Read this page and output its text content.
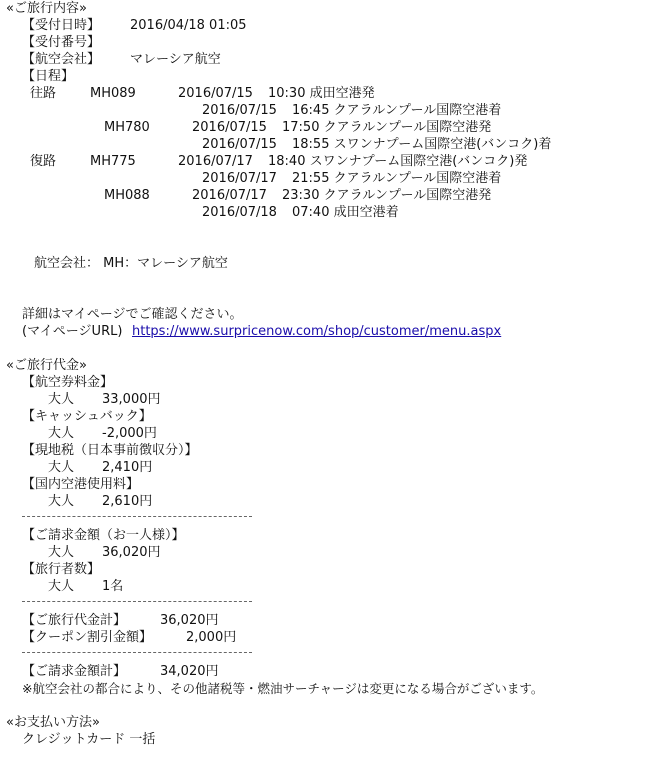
«ご旅行内容»
【受付日時】 2016/04/18 01:05
【受付番号】
【航空会社】 マレーシア航空
【日程】
往路	MH089	2016/07/15 10:30 成田空港発
2016/07/15 16:45 クアラルンプール国際空港着
MH780	2016/07/15 17:50 クアラルンプール国際空港発
2016/07/15 18:55 スワンナプーム国際空港(バンコク)着
復路	MH775	2016/07/17 18:40 スワンナプーム国際空港(バンコク)発
2016/07/17 21:55 クアラルンプール国際空港着
MH088	2016/07/17 23:30 クアラルンプール国際空港発
2016/07/18 07:40 成田空港着
航空会社： MH：マレーシア航空
詳細はマイページでご確認ください。
(マイページURL) https://www.surpricenow.com/shop/customer/menu.aspx
«ご旅行代金»
【航空券料金】
大人 33,000円
【キャッシュバック】
大人 -2,000円
【現地税（日本事前徴収分）】
大人 2,410円
【国内空港使用料】
大人 2,610円
【ご請求金額（お一人様）】
大人 36,020円
【旅行者数】
大人 1名
【ご旅行代金計】	36,020円
【クーポン割引金額】	2,000円
【ご請求金額計】	34,020円
※航空会社の都合により、その他諸税等・燃油サーチャージは変更になる場合がございます。
«お支払い方法»
クレジットカード 一括
